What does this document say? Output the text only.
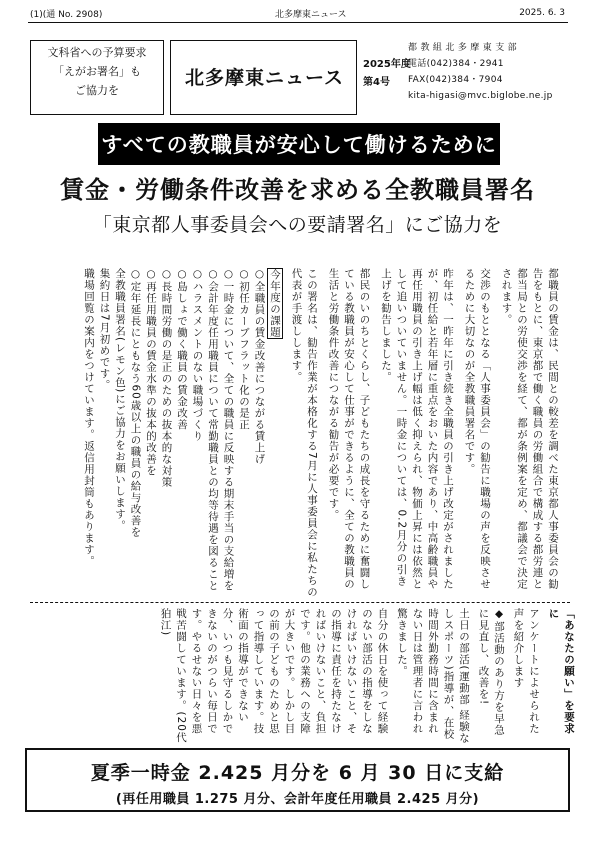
(1)(通 No. 2908)	北多摩東ニュース	2025. 6. 3
文科省への予算要求
「えがお署名」も
ご協力を
北多摩東ニュース
2025年度
第4号
都 教 組 北 多 摩 東 支 部
電話(042)384・2941
FAX(042)384・7904
kita-higasi@mvc.biglobe.ne.jp
すべての教職員が安心して働けるために
賃金・労働条件改善を求める全教職員署名
「東京都人事委員会への要請署名」にご協力を

都職員の賃金は、民間との較差を調べた東京都人事委員会の勧告をもとに、東京都で働く職員の労働組合で構成する都労連と都当局との労使交渉を経て、都が条例案を定め、都議会で決定されます。

交渉のもととなる「人事委員会」の勧告に職場の声を反映させるために大切なのが全教職員署名です。

昨年は、一昨年に引き続き全職員の引き上げ改定がされましたが、初任給と若年層に重点をおいた内容であり、中高齢職員や再任用職員の引き上げ幅は低く抑えられ、物価上昇には依然として追いついていません。一時金については、0.2月分の引き上げを勧告しました。

都民のいのちとくらし、子どもたちの成長を守るために奮闘している教職員が安心して仕事ができるように、全ての教職員の生活と労働条件改善につながる勧告が必要です。

この署名は、勧告作業が本格化する7月に人事委員会に私たちの代表が手渡しします。

今年度の課題

○全職員の賃金改善につながる賃上げ

○初任カーブフラット化の是正

○一時金について、全ての職員に反映する期末手当の支給増を

○会計年度任用職員について常勤職員との均等待遇を図ること

○ハラスメントのない職場づくり

○島しょで働く職員の賃金改善

○長時間労働の是正のための抜本的な対策

○再任用職員の賃金水準の抜本的改善を

○定年延長にともなう60歳以上の職員の給与改善を

全教職員署名(レモン色)にご協力をお願いします。

集約日は7月初めです。

職場回覧の案内をつけています。返信用封筒もあります。

「あなたの願い」を要求に

アンケートによせられた声を紹介します

◆部活動のあり方を早急に見直し、改善を!

土日の部活(運動部 経験なしスポーツ)指導が、在校時間外勤務時間に含まれない日は管理者に言われ驚きました。

自分の休日を使って経験のない部活の指導をしなければいけないこと、その指導に責任を持たなければいけないこと、負担です。他の業務への支障が大きいです。しかし目の前の子どものためと思って指導しています。技術面の指導ができない分、いつも見守るしかできないのがつらい毎日です。やるせない日々を悪戦苦闘しています。(20代狛江)

夏季一時金 2.425 月分を 6 月 30 日に支給
(再任用職員 1.275 月分、会計年度任用職員 2.425 月分)
